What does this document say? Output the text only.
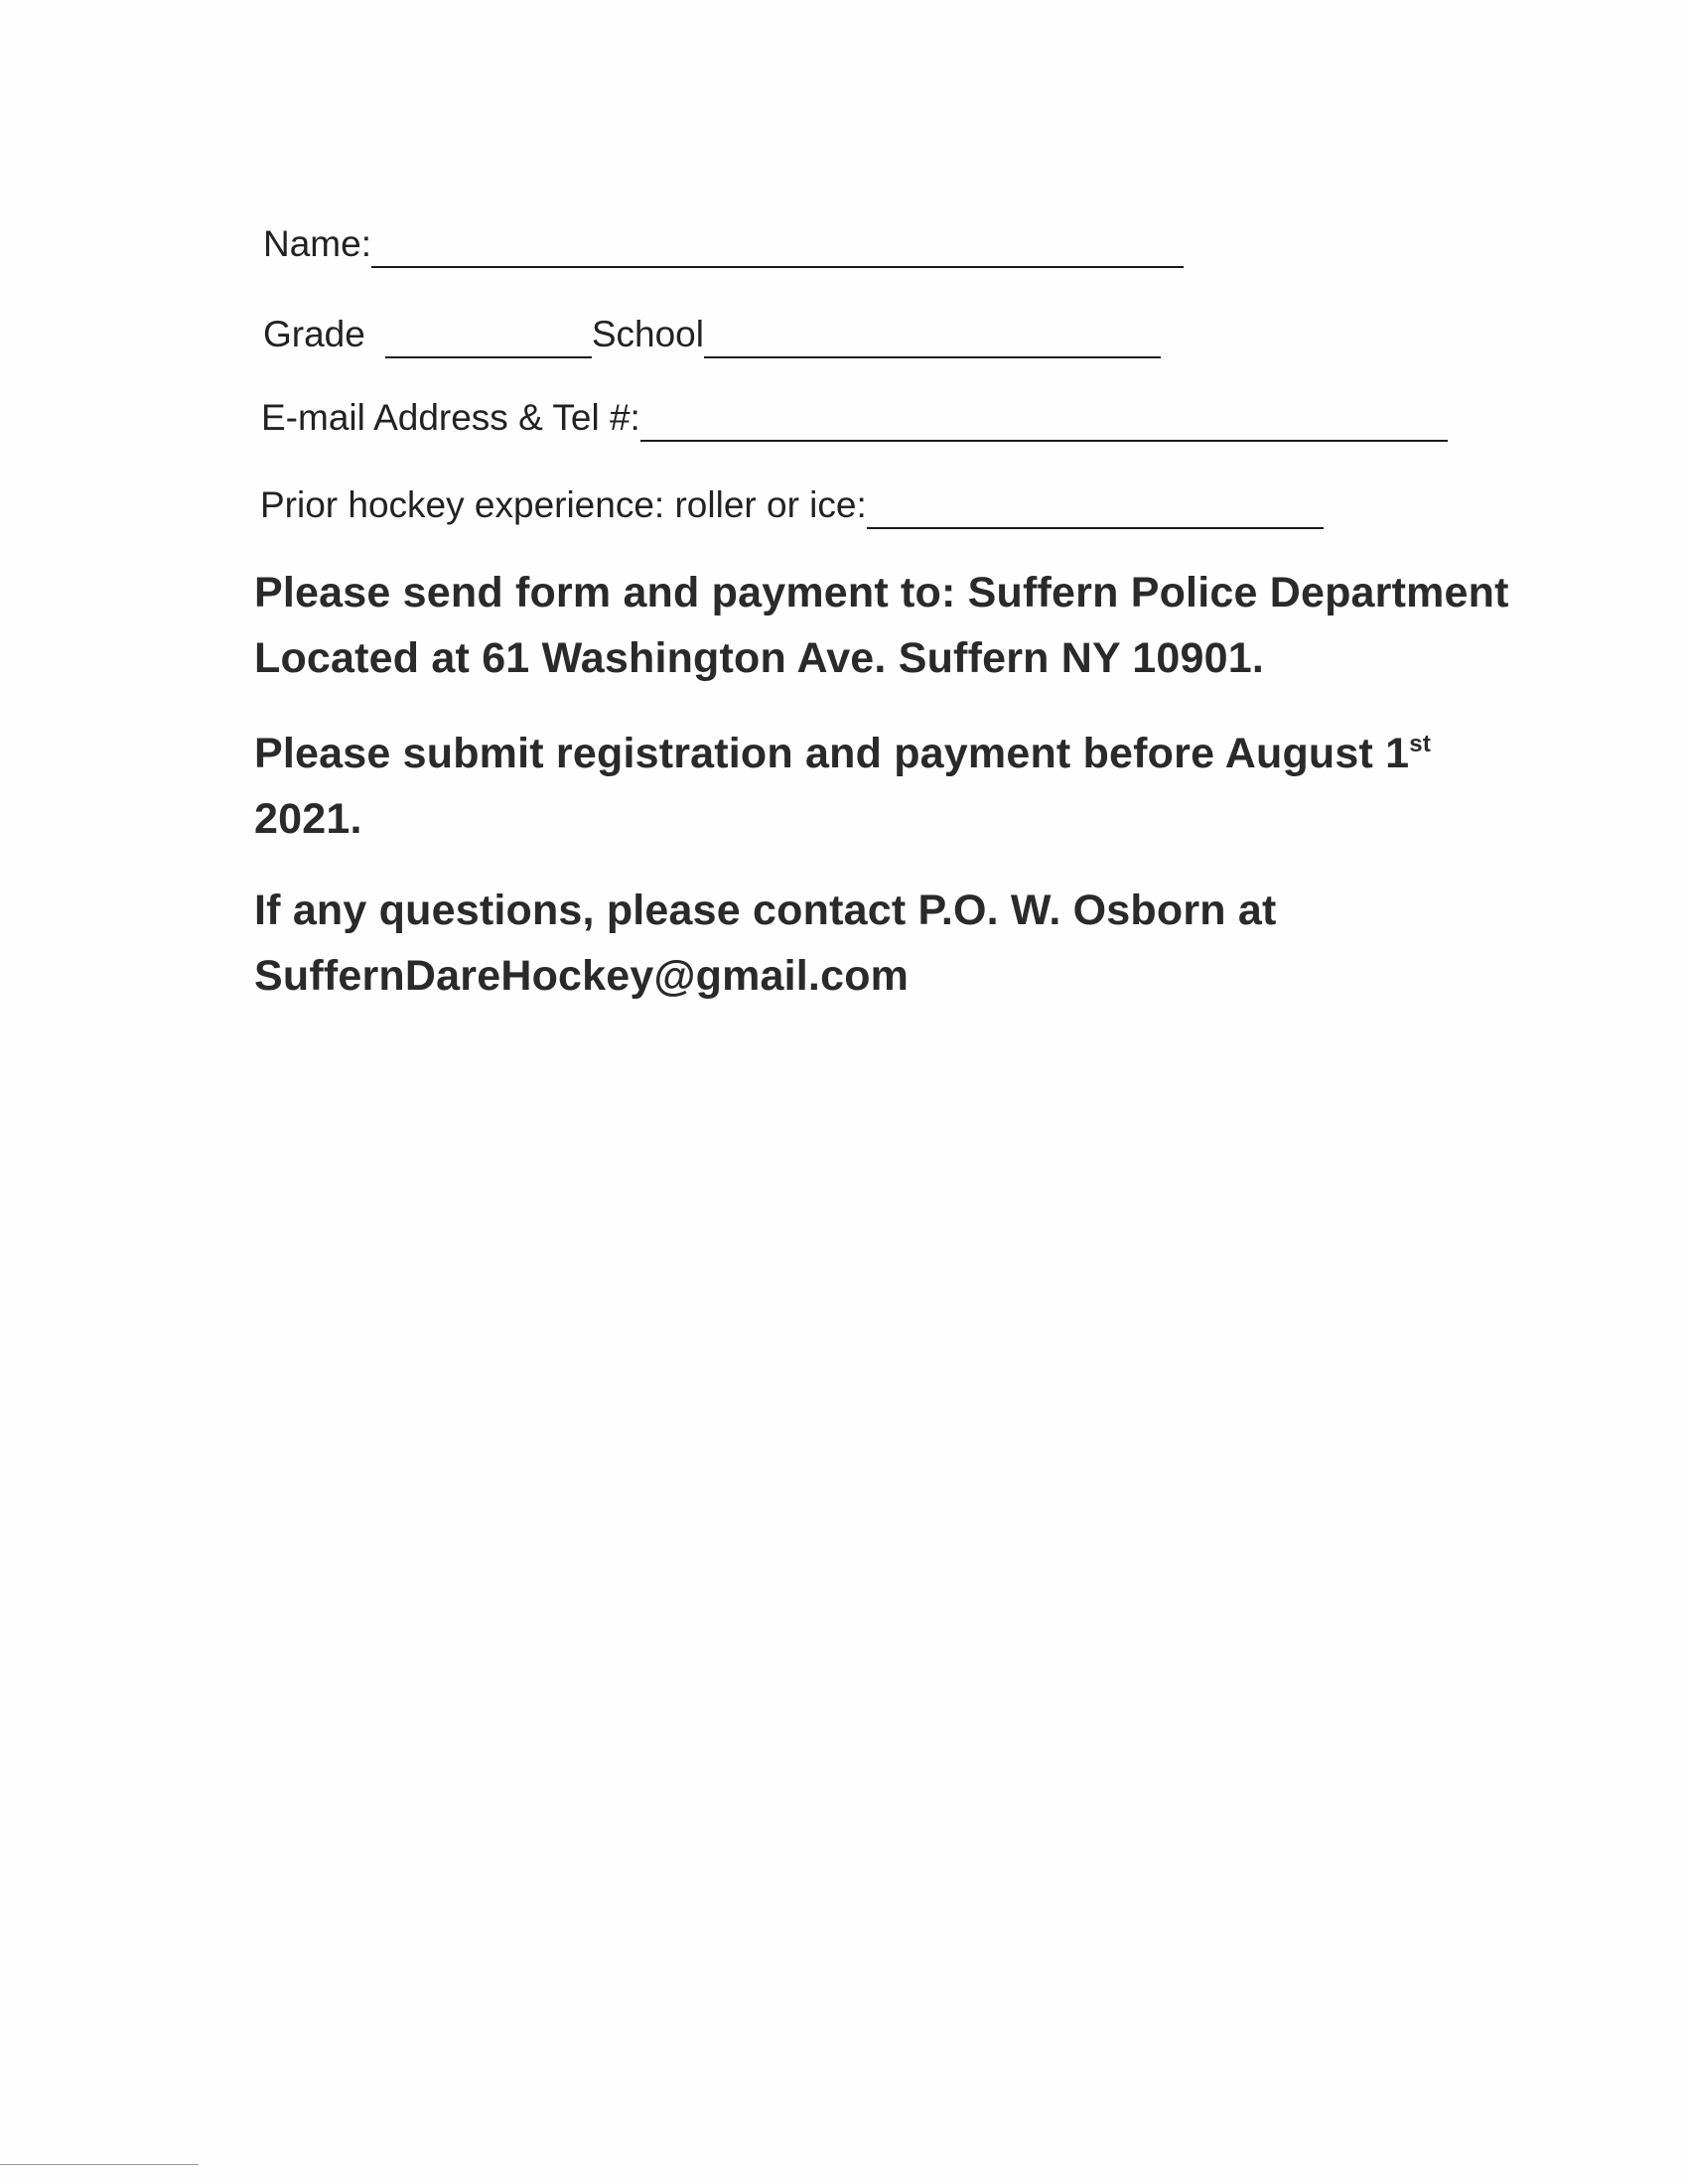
Name:
Grade	School
E-mail Address & Tel #:
Prior hockey experience: roller or ice:
Please send form and payment to: Suffern Police Department
Located at 61 Washington Ave. Suffern NY 10901.
Please submit registration and payment before August 1st
2021.
If any questions, please contact P.O. W. Osborn at
SuffernDareHockey@gmail.com
